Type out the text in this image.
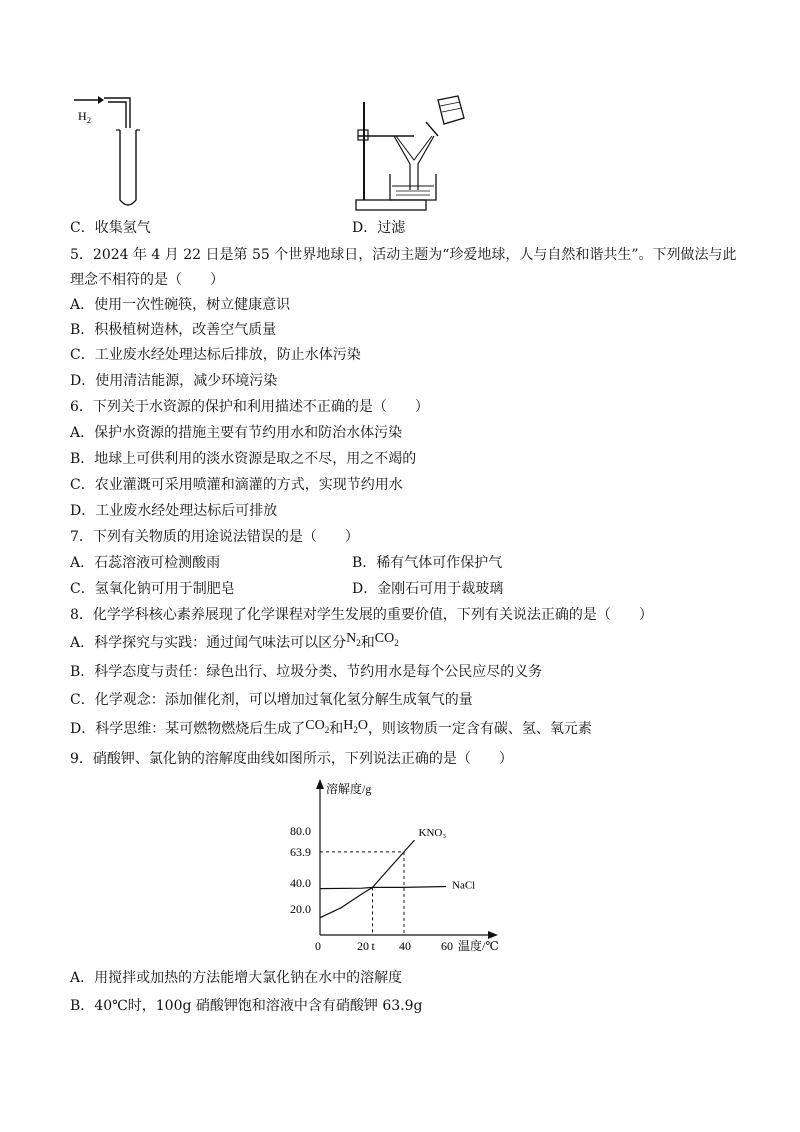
H 2
C．收集氢气	D．过滤
5．2024 年 4 月 22 日是第 55 个世界地球日，活动主题为“珍爱地球，人与自然和谐共生”。下列做法与此
理念不相符的是（　　）
A．使用一次性碗筷，树立健康意识
B．积极植树造林，改善空气质量
C．工业废水经处理达标后排放，防止水体污染
D．使用清洁能源，减少环境污染
6．下列关于水资源的保护和利用描述不正确的是（　　）
A．保护水资源的措施主要有节约用水和防治水体污染
B．地球上可供利用的淡水资源是取之不尽，用之不竭的
C．农业灌溉可采用喷灌和滴灌的方式，实现节约用水
D．工业废水经处理达标后可排放
7．下列有关物质的用途说法错误的是（　　）
A．石蕊溶液可检测酸雨	B．稀有气体可作保护气
C．氢氧化钠可用于制肥皂	D．金刚石可用于裁玻璃
8．化学学科核心素养展现了化学课程对学生发展的重要价值，下列有关说法正确的是（　　）
A．科学探究与实践：通过闻气味法可以区分$N_2$和$CO_2$
B．科学态度与责任：绿色出行、垃圾分类、节约用水是每个公民应尽的义务
C．化学观念：添加催化剂，可以增加过氧化氢分解生成氧气的量
D．科学思维：某可燃物燃烧后生成了$CO_2$和$H_2O$，则该物质一定含有碳、氢、氧元素
9．硝酸钾、氯化钠的溶解度曲线如图所示，下列说法正确的是（　　）
溶解度/g
温度/℃
0	20 t 40	60
20.0
40.0
63.9
80.0	KNO₃
NaCl
A．用搅拌或加热的方法能增大氯化钠在水中的溶解度
B．40℃时，100g 硝酸钾饱和溶液中含有硝酸钾 63.9g
